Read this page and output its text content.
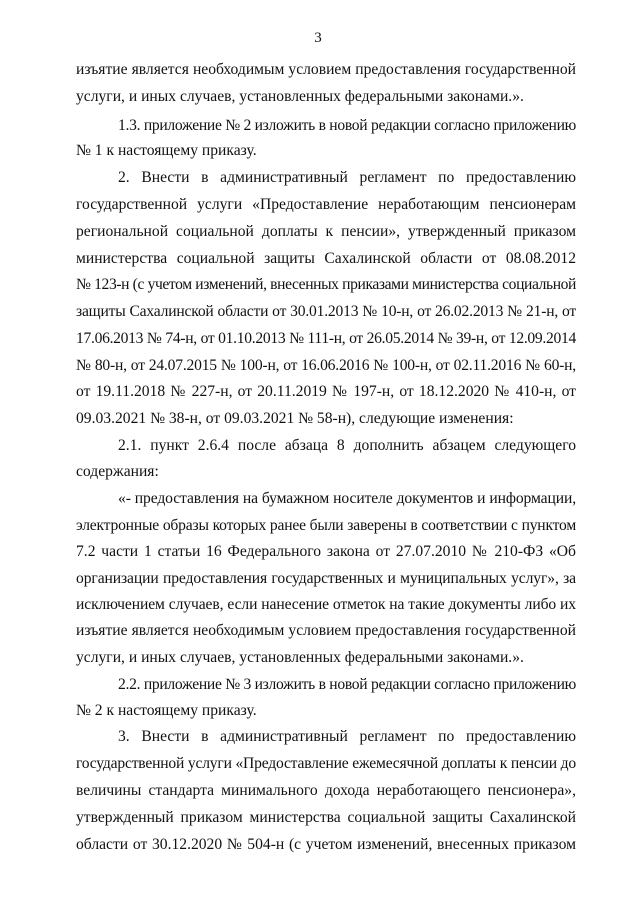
3
изъятие является необходимым условием предоставления государственной
услуги, и иных случаев, установленных федеральными законами.».
1.3. приложение № 2 изложить в новой редакции согласно приложению
№ 1 к настоящему приказу.
2. Внести в административный регламент по предоставлению
государственной услуги «Предоставление неработающим пенсионерам
региональной социальной доплаты к пенсии», утвержденный приказом
министерства социальной защиты Сахалинской области от 08.08.2012
№ 123-н (с учетом изменений, внесенных приказами министерства социальной
защиты Сахалинской области от 30.01.2013 № 10-н, от 26.02.2013 № 21-н, от
17.06.2013 № 74-н, от 01.10.2013 № 111-н, от 26.05.2014 № 39-н, от 12.09.2014
№ 80-н, от 24.07.2015 № 100-н, от 16.06.2016 № 100-н, от 02.11.2016 № 60-н,
от 19.11.2018 № 227-н, от 20.11.2019 № 197-н, от 18.12.2020 № 410-н, от
09.03.2021 № 38-н, от 09.03.2021 № 58-н), следующие изменения:
2.1. пункт 2.6.4 после абзаца 8 дополнить абзацем следующего
содержания:
«- предоставления на бумажном носителе документов и информации,
электронные образы которых ранее были заверены в соответствии с пунктом
7.2 части 1 статьи 16 Федерального закона от 27.07.2010 № 210-ФЗ «Об
организации предоставления государственных и муниципальных услуг», за
исключением случаев, если нанесение отметок на такие документы либо их
изъятие является необходимым условием предоставления государственной
услуги, и иных случаев, установленных федеральными законами.».
2.2. приложение № 3 изложить в новой редакции согласно приложению
№ 2 к настоящему приказу.
3. Внести в административный регламент по предоставлению
государственной услуги «Предоставление ежемесячной доплаты к пенсии до
величины стандарта минимального дохода неработающего пенсионера»,
утвержденный приказом министерства социальной защиты Сахалинской
области от 30.12.2020 № 504-н (с учетом изменений, внесенных приказом
